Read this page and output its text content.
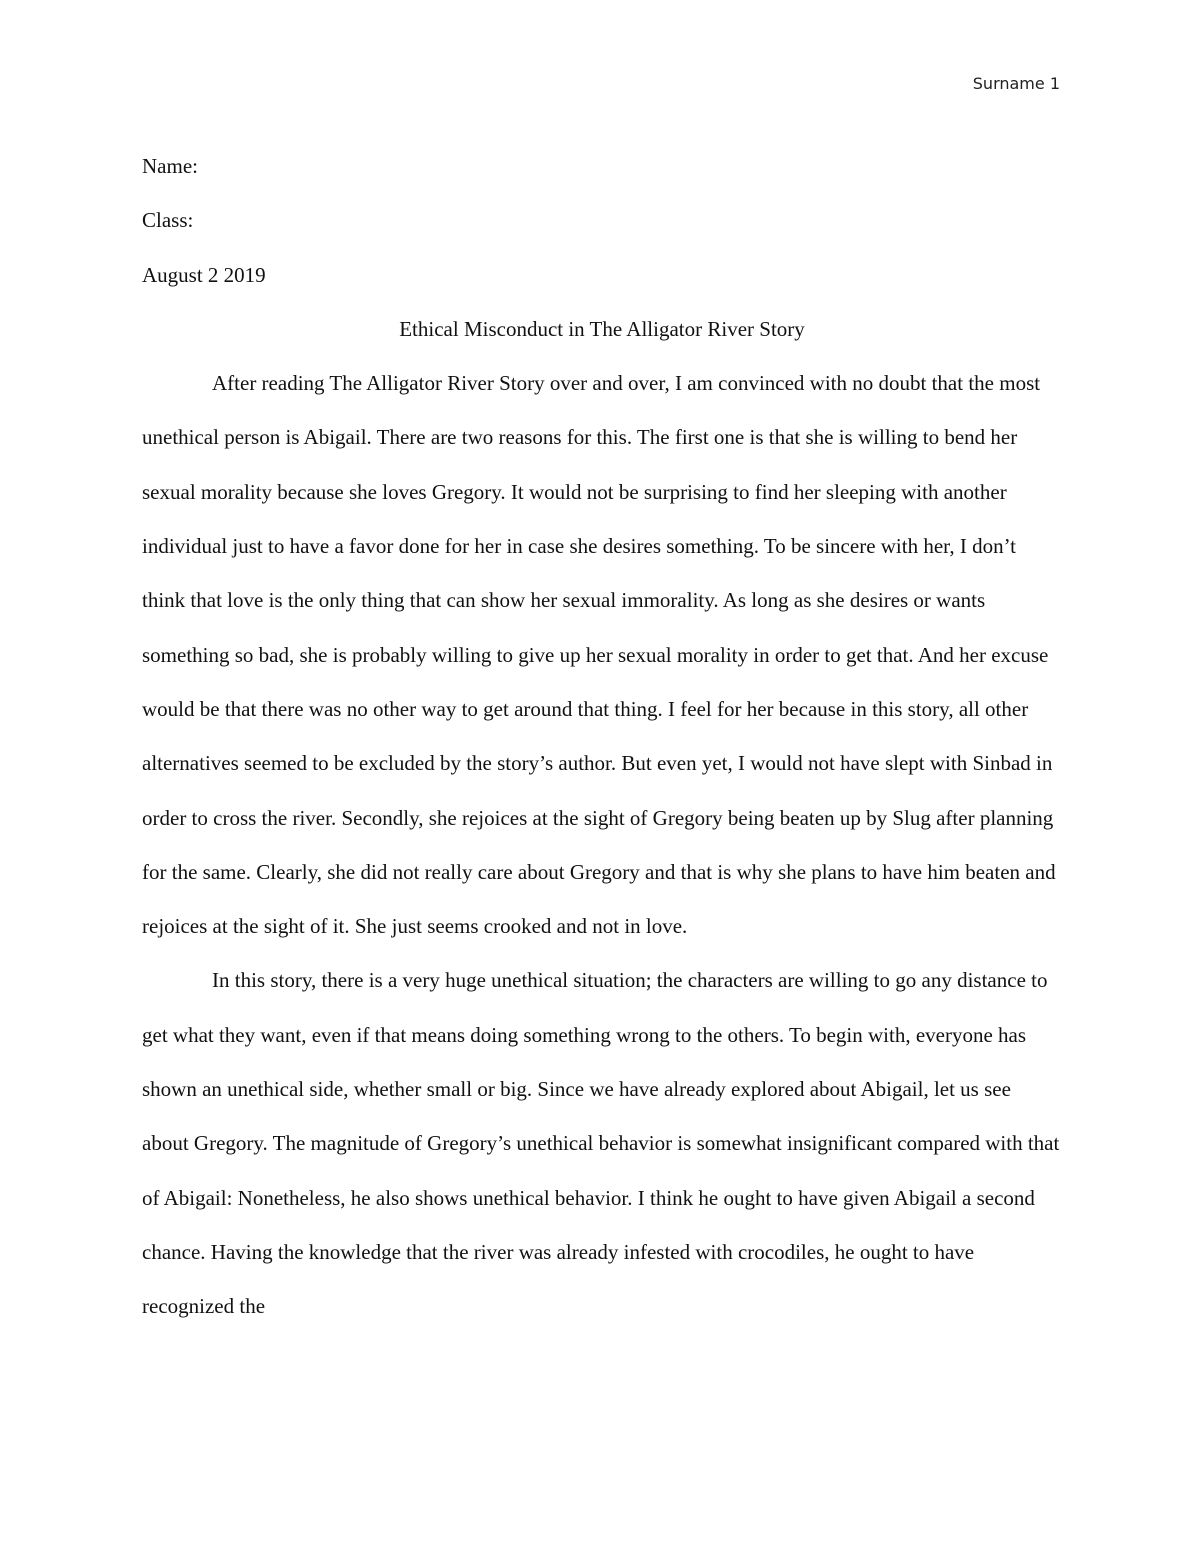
Surname 1

Name:

Class:

August 2 2019

Ethical Misconduct in The Alligator River Story

After reading The Alligator River Story over and over, I am convinced with no doubt that the most unethical person is Abigail. There are two reasons for this. The first one is that she is willing to bend her sexual morality because she loves Gregory. It would not be surprising to find her sleeping with another individual just to have a favor done for her in case she desires something. To be sincere with her, I don’t think that love is the only thing that can show her sexual immorality. As long as she desires or wants something so bad, she is probably willing to give up her sexual morality in order to get that. And her excuse would be that there was no other way to get around that thing. I feel for her because in this story, all other alternatives seemed to be excluded by the story’s author. But even yet, I would not have slept with Sinbad in order to cross the river. Secondly, she rejoices at the sight of Gregory being beaten up by Slug after planning for the same. Clearly, she did not really care about Gregory and that is why she plans to have him beaten and rejoices at the sight of it. She just seems crooked and not in love.

In this story, there is a very huge unethical situation; the characters are willing to go any distance to get what they want, even if that means doing something wrong to the others. To begin with, everyone has shown an unethical side, whether small or big. Since we have already explored about Abigail, let us see about Gregory. The magnitude of Gregory’s unethical behavior is somewhat insignificant compared with that of Abigail: Nonetheless, he also shows unethical behavior. I think he ought to have given Abigail a second chance. Having the knowledge that the river was already infested with crocodiles, he ought to have recognized the
